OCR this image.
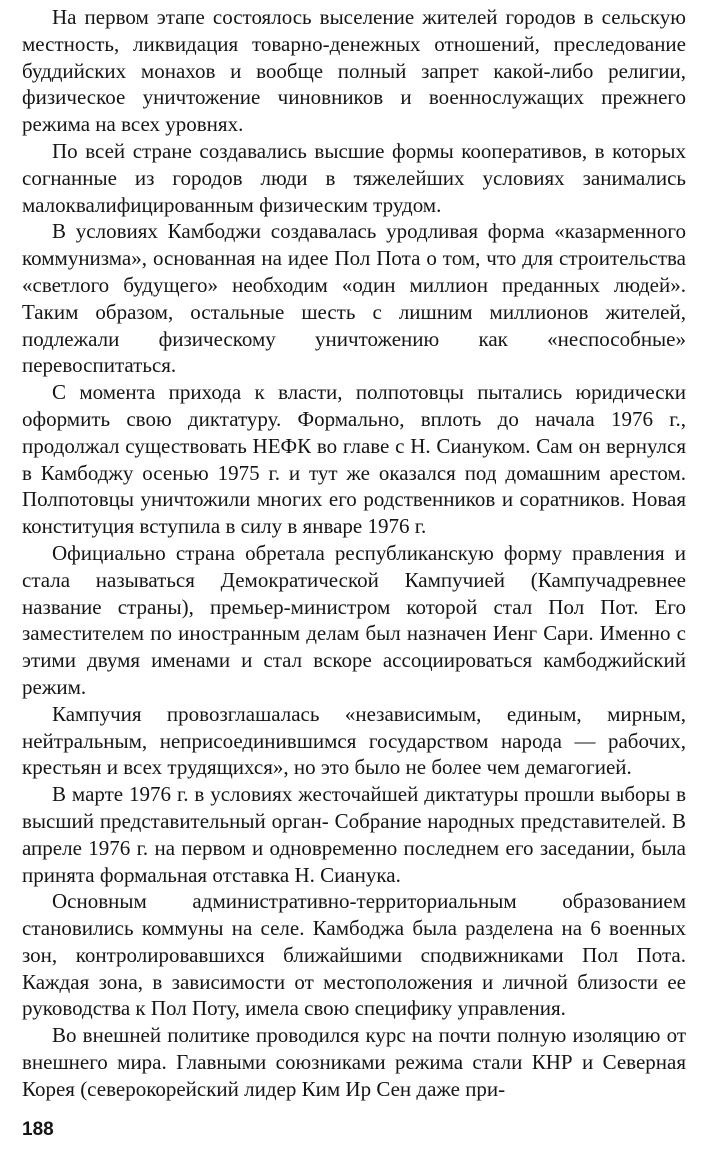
На первом этапе состоялось выселение жителей городов в сельскую местность, ликвидация товарно-денежных отношений, преследование буддийских монахов и вообще полный запрет какой-либо религии, физическое уничтожение чиновников и военнослужащих прежнего режима на всех уровнях.

По всей стране создавались высшие формы кооперативов, в которых согнанные из городов люди в тяжелейших условиях занимались малоквалифицированным физическим трудом.

В условиях Камбоджи создавалась уродливая форма «казарменного коммунизма», основанная на идее Пол Пота о том, что для строительства «светлого будущего» необходим «один миллион преданных людей». Таким образом, остальные шесть с лишним миллионов жителей, подлежали физическому уничтожению как «неспособные» перевоспитаться.

С момента прихода к власти, полпотовцы пытались юридически оформить свою диктатуру. Формально, вплоть до начала 1976 г., продолжал существовать НЕФК во главе с Н. Сиануком. Сам он вернулся в Камбоджу осенью 1975 г. и тут же оказался под домашним арестом. Полпотовцы уничтожили многих его родственников и соратников. Новая конституция вступила в силу в январе 1976 г.

Официально страна обретала республиканскую форму правления и стала называться Демократической Кампучией (Кампучадревнее название страны), премьер-министром которой стал Пол Пот. Его заместителем по иностранным делам был назначен Иенг Сари. Именно с этими двумя именами и стал вскоре ассоциироваться камбоджийский режим.

Кампучия провозглашалась «независимым, единым, мирным, нейтральным, неприсоединившимся государством народа — рабочих, крестьян и всех трудящихся», но это было не более чем демагогией.

В марте 1976 г. в условиях жесточайшей диктатуры прошли выборы в высший представительный орган- Собрание народных представителей. В апреле 1976 г. на первом и одновременно последнем его заседании, была принята формальная отставка Н. Сианука.

Основным административно-территориальным образованием становились коммуны на селе. Камбоджа была разделена на 6 военных зон, контролировавшихся ближайшими сподвижниками Пол Пота. Каждая зона, в зависимости от местоположения и личной близости ее руководства к Пол Поту, имела свою специфику управления.

Во внешней политике проводился курс на почти полную изоляцию от внешнего мира. Главными союзниками режима стали КНР и Северная Корея (северокорейский лидер Ким Ир Сен даже при-

188
